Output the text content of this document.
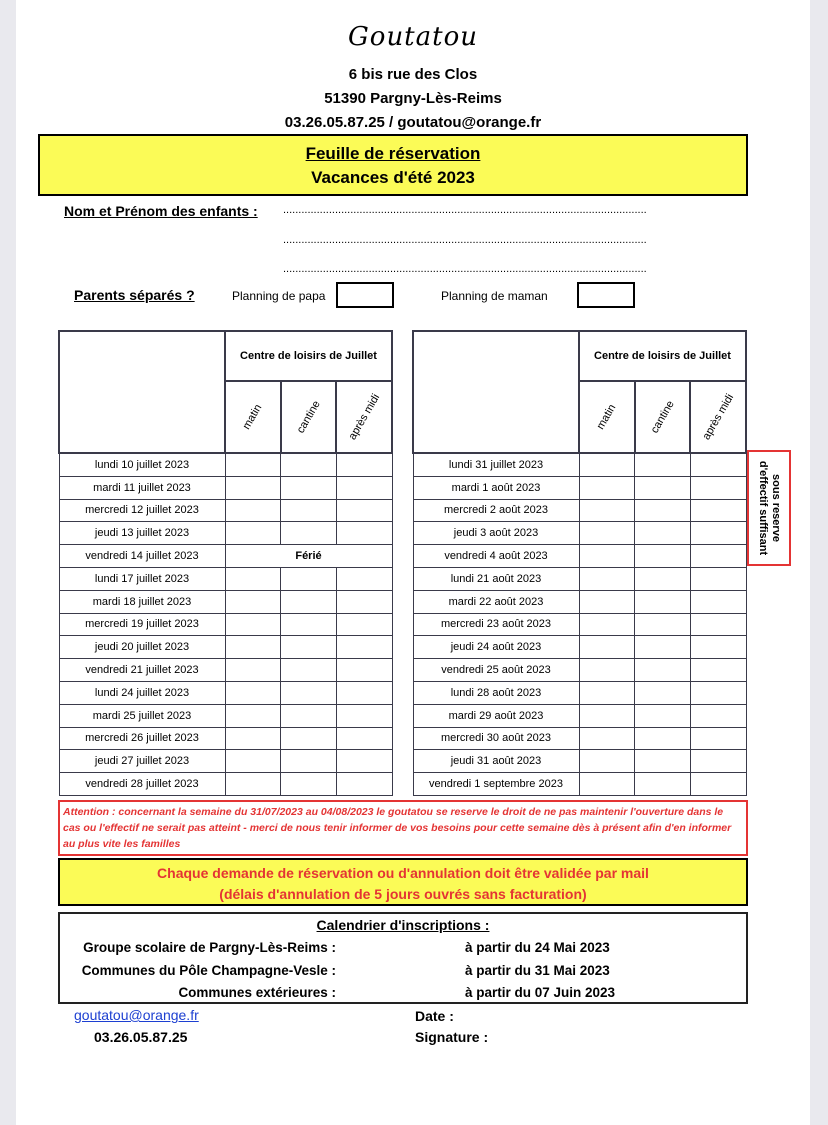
Goutatou
6 bis rue des Clos
51390 Pargny-Lès-Reims
03.26.05.87.25 / goutatou@orange.fr
Feuille de réservation
Vacances d'été 2023
Nom et Prénom des enfants : .......................................................................................................................
.......................................................................................................................
.......................................................................................................................
Parents séparés ?	Planning de papa	Planning de maman
	Centre de loisirs de Juillet		
	matin	cantine	après midi
lundi 10 juillet 2023			
mardi 11 juillet 2023			
mercredi 12 juillet 2023			
jeudi 13 juillet 2023			
vendredi 14 juillet 2023	Férié		
lundi 17 juillet 2023			
mardi 18 juillet 2023			
mercredi 19 juillet 2023			
jeudi 20 juillet 2023			
vendredi 21 juillet 2023			
lundi 24 juillet 2023			
mardi 25 juillet 2023			
mercredi 26 juillet 2023			
jeudi 27 juillet 2023			
vendredi 28 juillet 2023			
	Centre de loisirs de Juillet		
	matin	cantine	après midi
lundi 31 juillet 2023			
mardi 1 août 2023			
mercredi 2 août 2023			
jeudi 3 août 2023			
vendredi 4 août 2023			
lundi 21 août 2023			
mardi 22 août 2023			
mercredi 23 août 2023			
jeudi 24 août 2023			
vendredi 25 août 2023			
lundi 28 août 2023			
mardi 29 août 2023			
mercredi 30 août 2023			
jeudi 31 août 2023			
vendredi 1 septembre 2023			
sous reserve
d'effectif suffisant
Attention : concernant la semaine du 31/07/2023 au 04/08/2023 le goutatou se reserve le droit de ne pas maintenir l'ouverture dans le cas ou l'effectif ne serait pas atteint - merci de nous tenir informer de vos besoins pour cette semaine dès à présent afin d'en informer au plus vite les familles
Chaque demande de réservation ou d'annulation doit être validée par mail
(délais d'annulation de 5 jours ouvrés sans facturation)
Calendrier d'inscriptions :
Groupe scolaire de Pargny-Lès-Reims :	à partir du 24 Mai 2023
Communes du Pôle Champagne-Vesle :	à partir du 31 Mai 2023
Communes extérieures :	à partir du 07 Juin 2023
goutatou@orange.fr
03.26.05.87.25
Date :
Signature :
